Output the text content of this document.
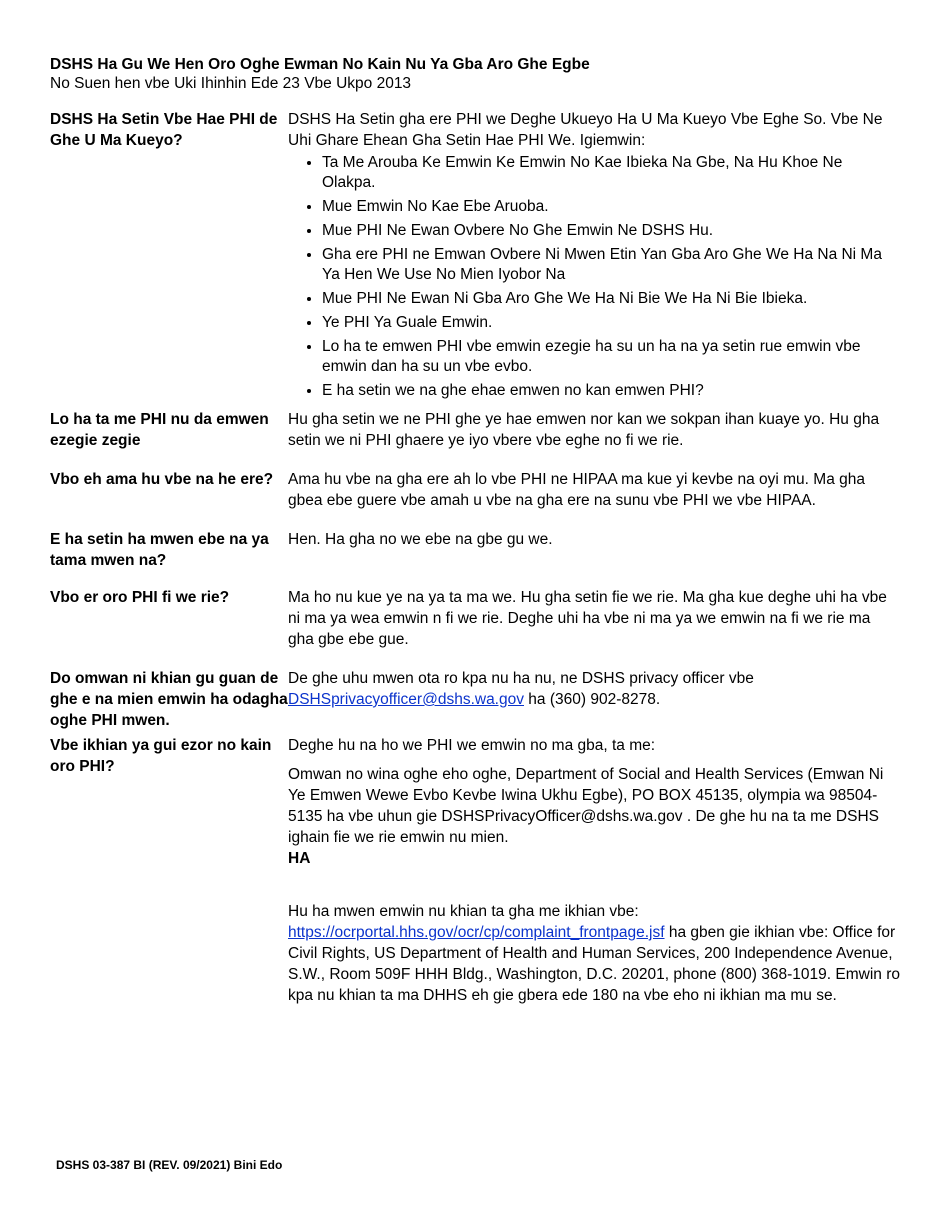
DSHS Ha Gu We Hen Oro Oghe Ewman No Kain Nu Ya Gba Aro Ghe Egbe
No Suen hen vbe Uki Ihinhin Ede 23 Vbe Ukpo 2013
DSHS Ha Setin Vbe Hae PHI de Ghe U Ma Kueyo?

DSHS Ha Setin gha ere PHI we Deghe Ukueyo Ha U Ma Kueyo Vbe Eghe So. Vbe Ne Uhi Ghare Ehean Gha Setin Hae PHI We. Igiemwin:

• Ta Me Arouba Ke Emwin Ke Emwin No Kae Ibieka Na Gbe, Na Hu Khoe Ne Olakpa.
• Mue Emwin No Kae Ebe Aruoba.
• Mue PHI Ne Ewan Ovbere No Ghe Emwin Ne DSHS Hu.
• Gha ere PHI ne Emwan Ovbere Ni Mwen Etin Yan Gba Aro Ghe We Ha Na Ni Ma Ya Hen We Use No Mien Iyobor Na
• Mue PHI Ne Ewan Ni Gba Aro Ghe We Ha Ni Bie We Ha Ni Bie Ibieka.
• Ye PHI Ya Guale Emwin.
• Lo ha te emwen PHI vbe emwin ezegie ha su un ha na ya setin rue emwin vbe emwin dan ha su un vbe evbo.
• E ha setin we na ghe ehae emwen no kan emwen PHI?
Lo ha ta me PHI nu da emwen ezegie zegie
Hu gha setin we ne PHI ghe ye hae emwen nor kan we sokpan ihan kuaye yo. Hu gha setin we ni PHI ghaere ye iyo vbere vbe eghe no fi we rie.
Vbo eh ama hu vbe na he ere? Ama hu vbe na gha ere ah lo vbe PHI ne HIPAA ma kue yi kevbe na oyi mu. Ma gha gbea ebe guere vbe amah u vbe na gha ere na sunu vbe PHI we vbe HIPAA.
E ha setin ha mwen ebe na ya tama mwen na?
Hen. Ha gha no we ebe na gbe gu we.
Vbo er oro PHI fi we rie?	Ma ho nu kue ye na ya ta ma we. Hu gha setin fie we rie. Ma gha kue deghe uhi ha vbe ni ma ya wea emwin n fi we rie. Deghe uhi ha vbe ni ma ya we emwin na fi we rie ma gha gbe ebe gue.
Do omwan ni khian gu guan de ghe e na mien emwin ha odagha oghe PHI mwen.
De ghe uhu mwen ota ro kpa nu ha nu, ne DSHS privacy officer vbe
DSHSprivacyofficer@dshs.wa.gov ha (360) 902-8278.
Vbe ikhian ya gui ezor no kain oro PHI?

Deghe hu na ho we PHI we emwin no ma gba, ta me:

Omwan no wina oghe eho oghe, Department of Social and Health Services (Emwan Ni Ye Emwen Wewe Evbo Kevbe Iwina Ukhu Egbe), PO BOX 45135, olympia wa 98504-5135 ha vbe uhun gie DSHSPrivacyOfficer@dshs.wa.gov . De ghe hu na ta me DSHS ighain fie we rie emwin nu mien.

HA

Hu ha mwen emwin nu khian ta gha me ikhian vbe:
https://ocrportal.hhs.gov/ocr/cp/complaint_frontpage.jsf ha gben gie ikhian vbe: Office for Civil Rights, US Department of Health and Human Services, 200 Independence Avenue, S.W., Room 509F HHH Bldg., Washington, D.C. 20201, phone (800) 368-1019. Emwin ro kpa nu khian ta ma DHHS eh gie gbera ede 180 na vbe eho ni ikhian ma mu se.

DSHS 03-387 BI (REV. 09/2021) Bini Edo
